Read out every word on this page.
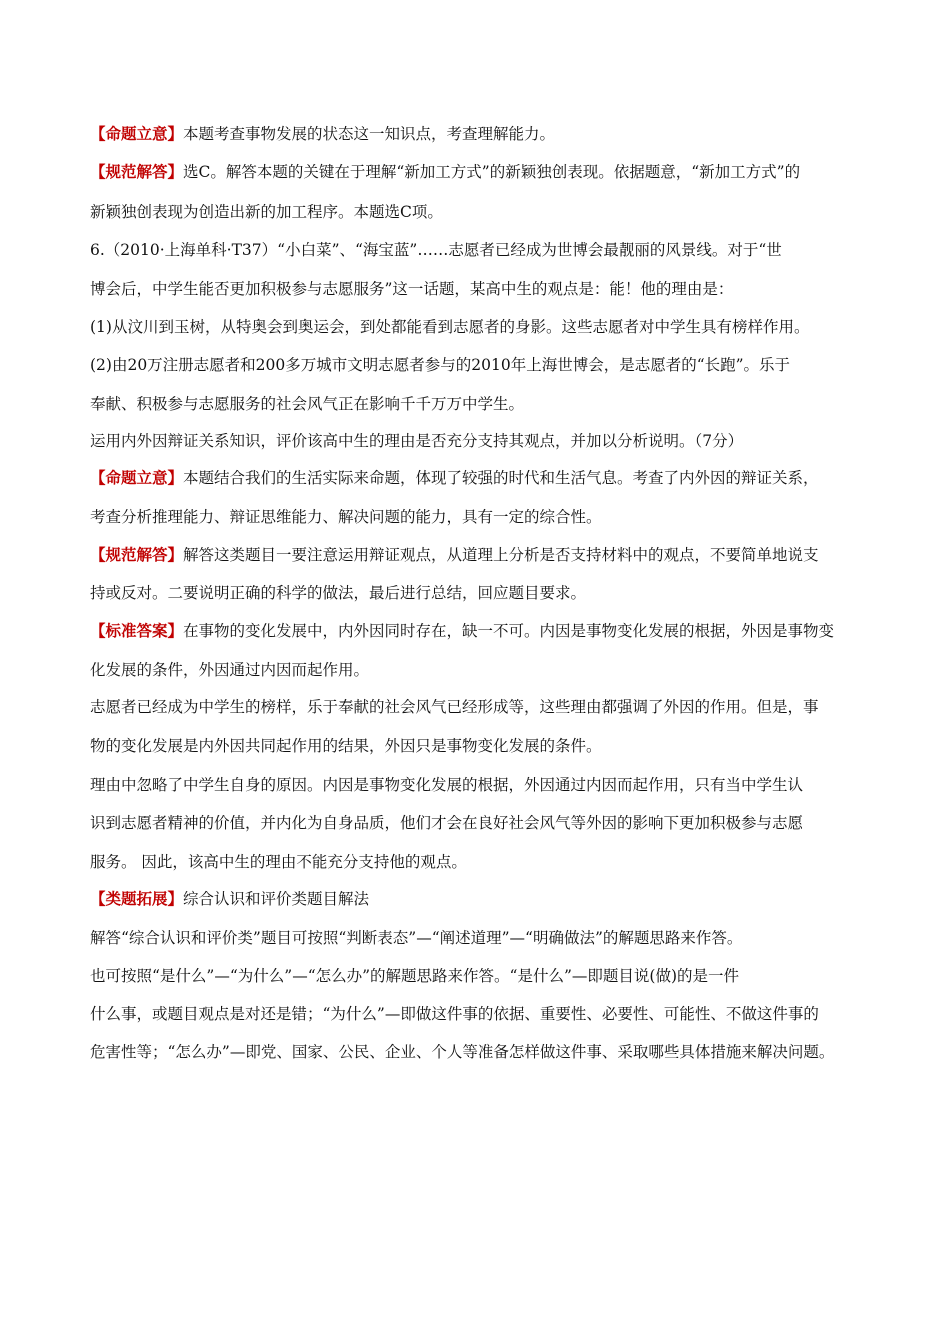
【命题立意】本题考查事物发展的状态这一知识点，考查理解能力。
【规范解答】选C。解答本题的关键在于理解“新加工方式”的新颖独创表现。依据题意，“新加工方式”的
新颖独创表现为创造出新的加工程序。本题选C项。
6.（2010·上海单科·T37）“小白菜”、“海宝蓝”……志愿者已经成为世博会最靓丽的风景线。对于“世
博会后，中学生能否更加积极参与志愿服务”这一话题，某高中生的观点是：能！他的理由是：
(1)从汶川到玉树，从特奥会到奥运会，到处都能看到志愿者的身影。这些志愿者对中学生具有榜样作用。
(2)由20万注册志愿者和200多万城市文明志愿者参与的2010年上海世博会，是志愿者的“长跑”。乐于
奉献、积极参与志愿服务的社会风气正在影响千千万万中学生。
运用内外因辩证关系知识，评价该高中生的理由是否充分支持其观点，并加以分析说明。（7分）
【命题立意】本题结合我们的生活实际来命题，体现了较强的时代和生活气息。考查了内外因的辩证关系，
考查分析推理能力、辩证思维能力、解决问题的能力，具有一定的综合性。
【规范解答】解答这类题目一要注意运用辩证观点，从道理上分析是否支持材料中的观点，不要简单地说支
持或反对。二要说明正确的科学的做法，最后进行总结，回应题目要求。
【标准答案】在事物的变化发展中，内外因同时存在，缺一不可。内因是事物变化发展的根据，外因是事物变
化发展的条件，外因通过内因而起作用。
志愿者已经成为中学生的榜样，乐于奉献的社会风气已经形成等，这些理由都强调了外因的作用。但是，事
物的变化发展是内外因共同起作用的结果，外因只是事物变化发展的条件。
理由中忽略了中学生自身的原因。内因是事物变化发展的根据，外因通过内因而起作用，只有当中学生认
识到志愿者精神的价值，并内化为自身品质，他们才会在良好社会风气等外因的影响下更加积极参与志愿
服务。 因此，该高中生的理由不能充分支持他的观点。
【类题拓展】综合认识和评价类题目解法
解答“综合认识和评价类”题目可按照“判断表态”—“阐述道理”—“明确做法”的解题思路来作答。
也可按照“是什么”—“为什么”—“怎么办”的解题思路来作答。“是什么”—即题目说(做)的是一件
什么事，或题目观点是对还是错；“为什么”—即做这件事的依据、重要性、必要性、可能性、不做这件事的
危害性等；“怎么办”—即党、国家、公民、企业、个人等准备怎样做这件事、采取哪些具体措施来解决问题。
